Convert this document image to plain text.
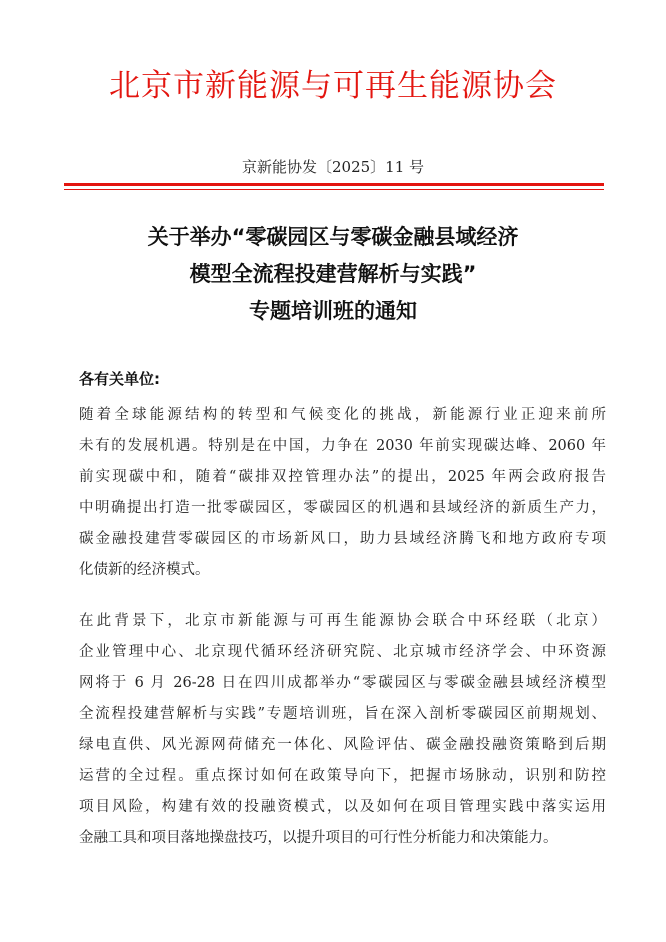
北京市新能源与可再生能源协会
京新能协发〔2025〕11 号
关于举办“零碳园区与零碳金融县域经济
模型全流程投建营解析与实践”
专题培训班的通知
各有关单位:
随着全球能源结构的转型和气候变化的挑战，新能源行业正迎来前所
未有的发展机遇。特别是在中国，力争在 2030 年前实现碳达峰、2060 年
前实现碳中和，随着“碳排双控管理办法”的提出，2025 年两会政府报告
中明确提出打造一批零碳园区，零碳园区的机遇和县域经济的新质生产力，
碳金融投建营零碳园区的市场新风口，助力县域经济腾飞和地方政府专项
化债新的经济模式。
在此背景下，北京市新能源与可再生能源协会联合中环经联（北京）
企业管理中心、北京现代循环经济研究院、北京城市经济学会、中环资源
网将于 6 月 26-28 日在四川成都举办“零碳园区与零碳金融县域经济模型
全流程投建营解析与实践”专题培训班，旨在深入剖析零碳园区前期规划、
绿电直供、风光源网荷储充一体化、风险评估、碳金融投融资策略到后期
运营的全过程。重点探讨如何在政策导向下，把握市场脉动，识别和防控
项目风险，构建有效的投融资模式，以及如何在项目管理实践中落实运用
金融工具和项目落地操盘技巧，以提升项目的可行性分析能力和决策能力。
